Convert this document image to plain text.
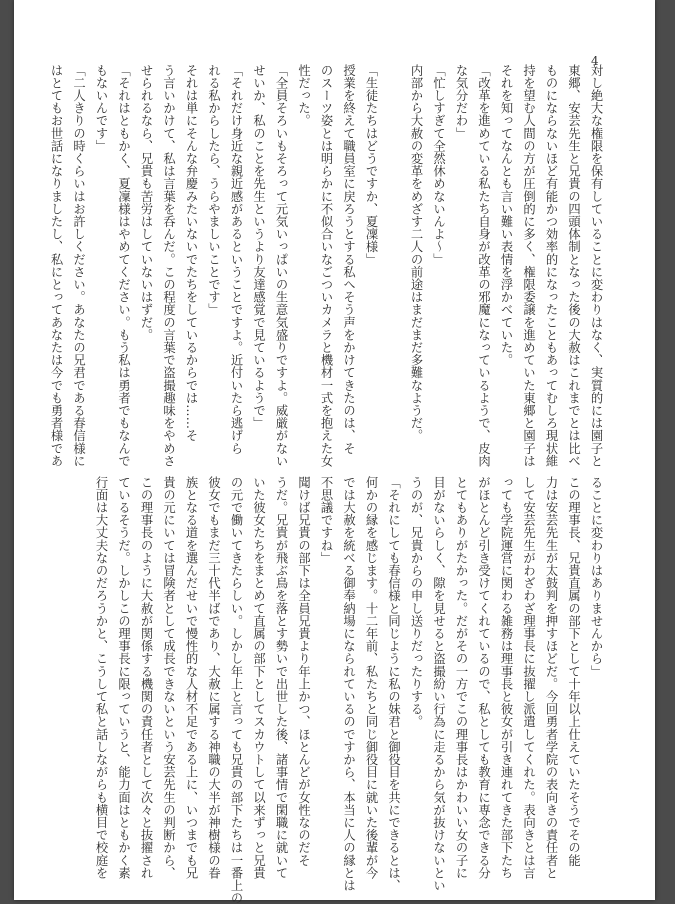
4
対し絶大な権限を保有していることに変わりはなく、実質的には園子と
東郷、安芸先生と兄貴の四頭体制となった後の大赦はこれまでとは比べ
ものにならないほど有能かつ効率的になったこともあってむしろ現状維
持を望む人間の方が圧倒的に多く、権限委譲を進めていた東郷と園子は
それを知ってなんとも言い難い表情を浮かべていた。
「改革を進めている私たち自身が改革の邪魔になっているようで、皮肉
な気分だわ」
「忙しすぎて全然休めないんよ〜」
内部から大赦の変革をめざす二人の前途はまだまだ多難なようだ。

「生徒たちはどうですか、夏凜様」
授業を終えて職員室に戻ろうとする私へそう声をかけてきたのは、そ
のスーツ姿とは明らかに不似合いなごついカメラと機材一式を抱えた女
性だった。
「全員そろいもそろって元気いっぱいの生意気盛りですよ。威厳がない
せいか、私のことを先生というより友達感覚で見ているようで」
「それだけ身近な親近感があるということですよ。近付いたら逃げら
れる私からしたら、うらやましいことです」
それは単にそんな弁慶みたいないでたちをしているからでは……そ
う言いかけて、私は言葉を呑んだ。この程度の言葉で盗撮趣味をやめさ
せられるなら、兄貴も苦労はしていないはずだ。
「それはともかく、夏凜様はやめてください。もう私は勇者でもなんで
もないんです」
「二人きりの時くらいはお許しください。あなたの兄君である春信様に
はとてもお世話になりましたし、私にとってあなたは今でも勇者様であ
ることに変わりはありませんから」
この理事長、兄貴直属の部下として十年以上仕えていたそうでその能
力は安芸先生が太鼓判を押すほどだ。今回勇者学院の表向きの責任者と
して安芸先生がわざわざ理事長に抜擢し派遣してくれた。表向きとは言
っても学院運営に関わる雑務は理事長と彼女が引き連れてきた部下たち
がほとんど引き受けてくれているので、私としても教育に専念できる分
とてもありがたかった。だがその一方でこの理事長はかわいい女の子に
目がないらしく、隙を見せると盗撮紛い行為に走るから気が抜けないとい
うのが、兄貴からの申し送りだったりする。
「それにしても春信様と同じように私の妹君と御役目を共にできるとは、
何かの縁を感じます。十二年前、私たちと同じ御役目に就いた後輩が今
では大赦を統べる御奉納場になられているのですから、本当に人の縁とは
不思議ですね」
聞けば兄貴の部下は全員兄貴より年上かつ、ほとんどが女性なのだそ
うだ。兄貴が飛ぶ鳥を落とす勢いで出世した後、諸事情で閑職に就いて
いた彼女たちをまとめて直属の部下としてスカウトして以来ずっと兄貴
の元で働いてきたらしい。しかし年上と言っても兄貴の部下たちは一番上の
彼女でもまだ三十代半ばであり、大赦に属する神職の大半が神樹様の眷
族となる道を選んだせいで慢性的な人材不足である上に、いつまでも兄
貴の元にいては冒険者として成長できないという安芸先生の判断から、
この理事長のように大赦が関係する機関の責任者として次々と抜擢され
ているそうだ。しかしこの理事長に限っていうと、能力面はともかく素
行面は大丈夫なのだろうかと、こうして私と話しながらも横目で校庭を
